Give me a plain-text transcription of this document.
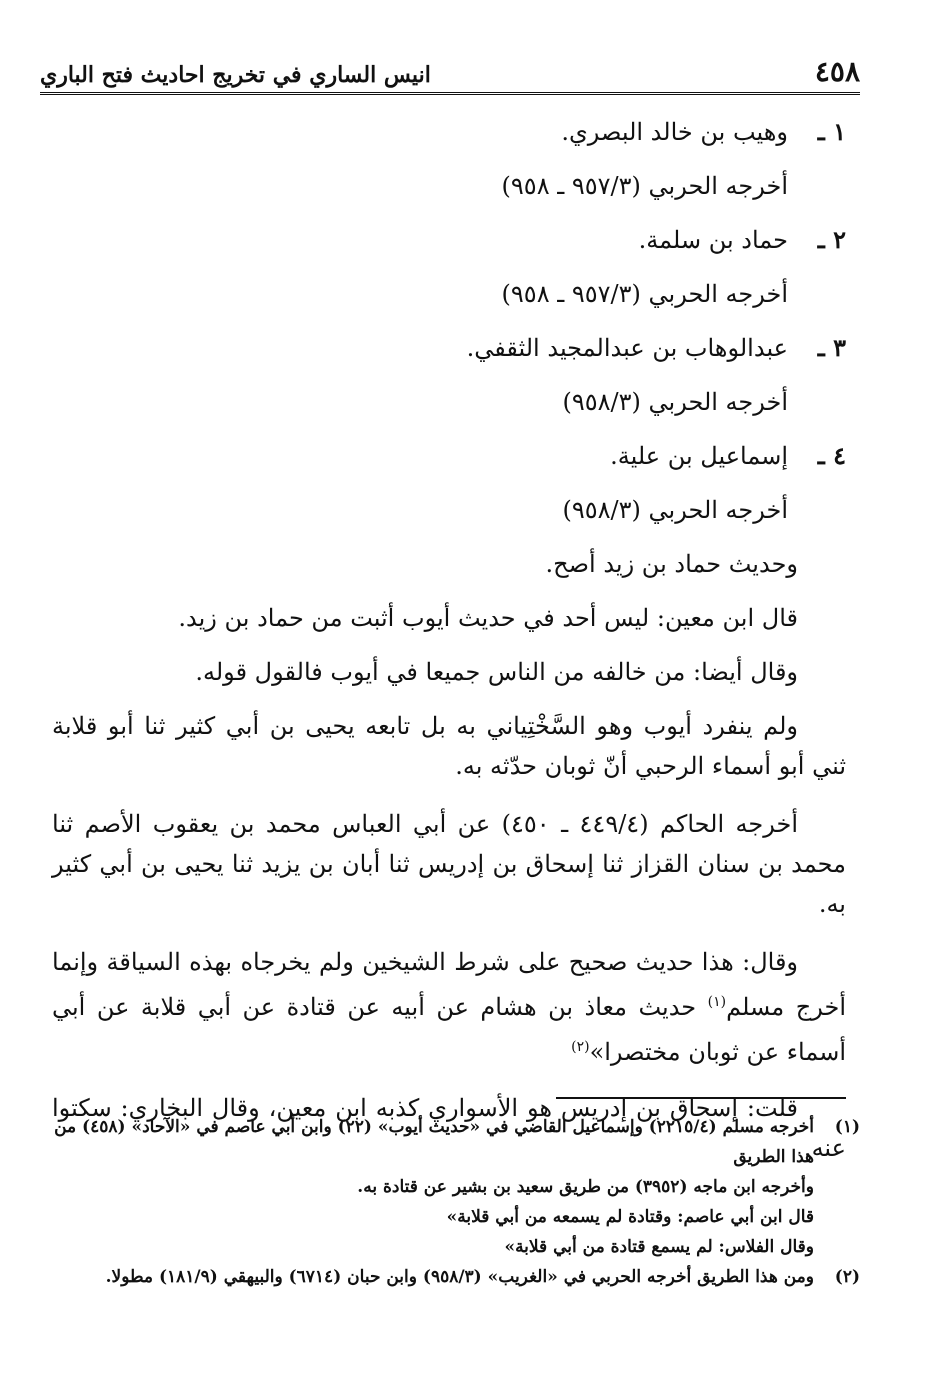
٤٥٨
انيس الساري في تخريج احاديث فتح الباري
١ ـوهيب بن خالد البصري.
أخرجه الحربي (٩٥٧/٣ ـ ٩٥٨)
٢ ـحماد بن سلمة.
أخرجه الحربي (٩٥٧/٣ ـ ٩٥٨)
٣ ـعبدالوهاب بن عبدالمجيد الثقفي.
أخرجه الحربي (٩٥٨/٣)
٤ ـإسماعيل بن علية.
أخرجه الحربي (٩٥٨/٣)
وحديث حماد بن زيد أصح.
قال ابن معين: ليس أحد في حديث أيوب أثبت من حماد بن زيد.
وقال أيضا: من خالفه من الناس جميعا في أيوب فالقول قوله.

ولم ينفرد أيوب وهو السَّخْتِياني به بل تابعه يحيى بن أبي كثير ثنا أبو قلابة ثني أبو أسماء الرحبي أنّ ثوبان حدّثه به.

أخرجه الحاكم (٤٤٩/٤ ـ ٤٥٠) عن أبي العباس محمد بن يعقوب الأصم ثنا محمد بن سنان القزاز ثنا إسحاق بن إدريس ثنا أبان بن يزيد ثنا يحيى بن أبي كثير به.

وقال: هذا حديث صحيح على شرط الشيخين ولم يخرجاه بهذه السياقة وإنما أخرج مسلم$^{(١)}$ حديث معاذ بن هشام عن أبيه عن قتادة عن أبي قلابة عن أبي أسماء عن ثوبان مختصرا»$^{(٢)}$

قلت: إسحاق بن إدريس هو الأسواري كذبه ابن معين، وقال البخاري: سكتوا عنه.

(١)
أخرجه مسلم (٢٢١٥/٤) وإسماعيل القاضي في «حديث أيوب» (٢٢) وابن أبي عاصم في «الآحاد» (٤٥٨) من هذا الطريق
وأخرجه ابن ماجه (٣٩٥٢) من طريق سعيد بن بشير عن قتادة به.
قال ابن أبي عاصم: وقتادة لم يسمعه من أبي قلابة»
وقال الفلاس: لم يسمع قتادة من أبي قلابة»
(٢)
ومن هذا الطريق أخرجه الحربي في «الغريب» (٩٥٨/٣) وابن حبان (٦٧١٤) والبيهقي (١٨١/٩) مطولا.
